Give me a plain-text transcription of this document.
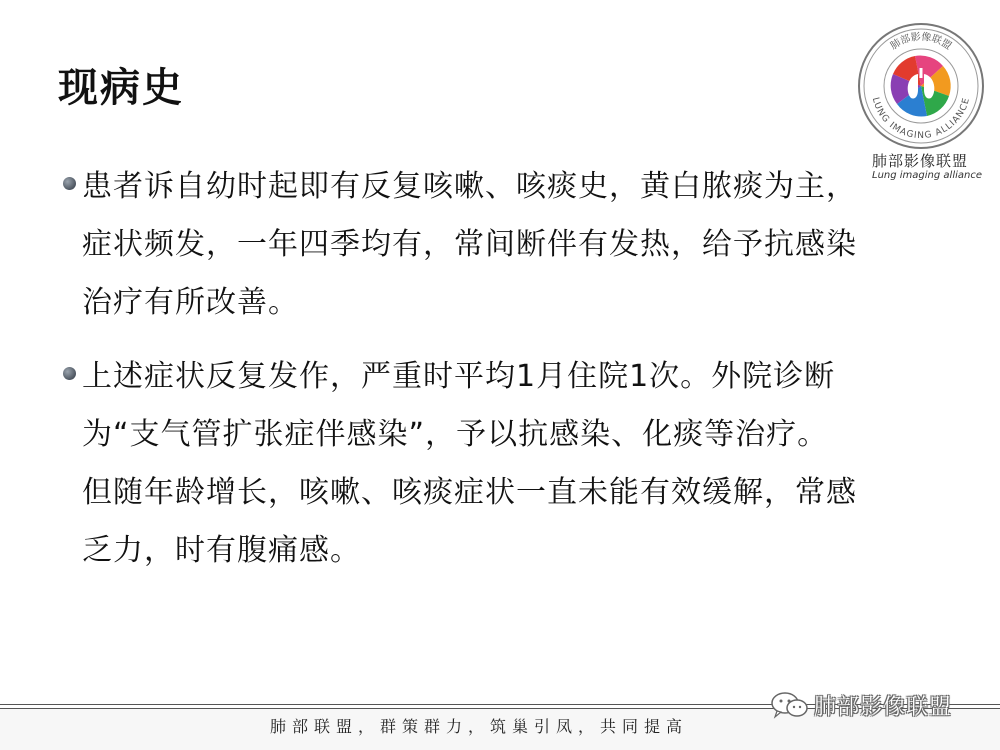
现病史
患者诉自幼时起即有反复咳嗽、咳痰史，黄白脓痰为主，症状频发，一年四季均有，常间断伴有发热，给予抗感染治疗有所改善。
上述症状反复发作，严重时平均1月住院1次。外院诊断为“支气管扩张症伴感染”，予以抗感染、化痰等治疗。但随年龄增长，咳嗽、咳痰症状一直未能有效缓解，常感乏力，时有腹痛感。
肺部影像联盟
LUNG IMAGING ALLIANCE
肺部影像联盟
Lung imaging alliance
肺部联盟，群策群力，筑巢引凤，共同提高
肺部影像联盟
